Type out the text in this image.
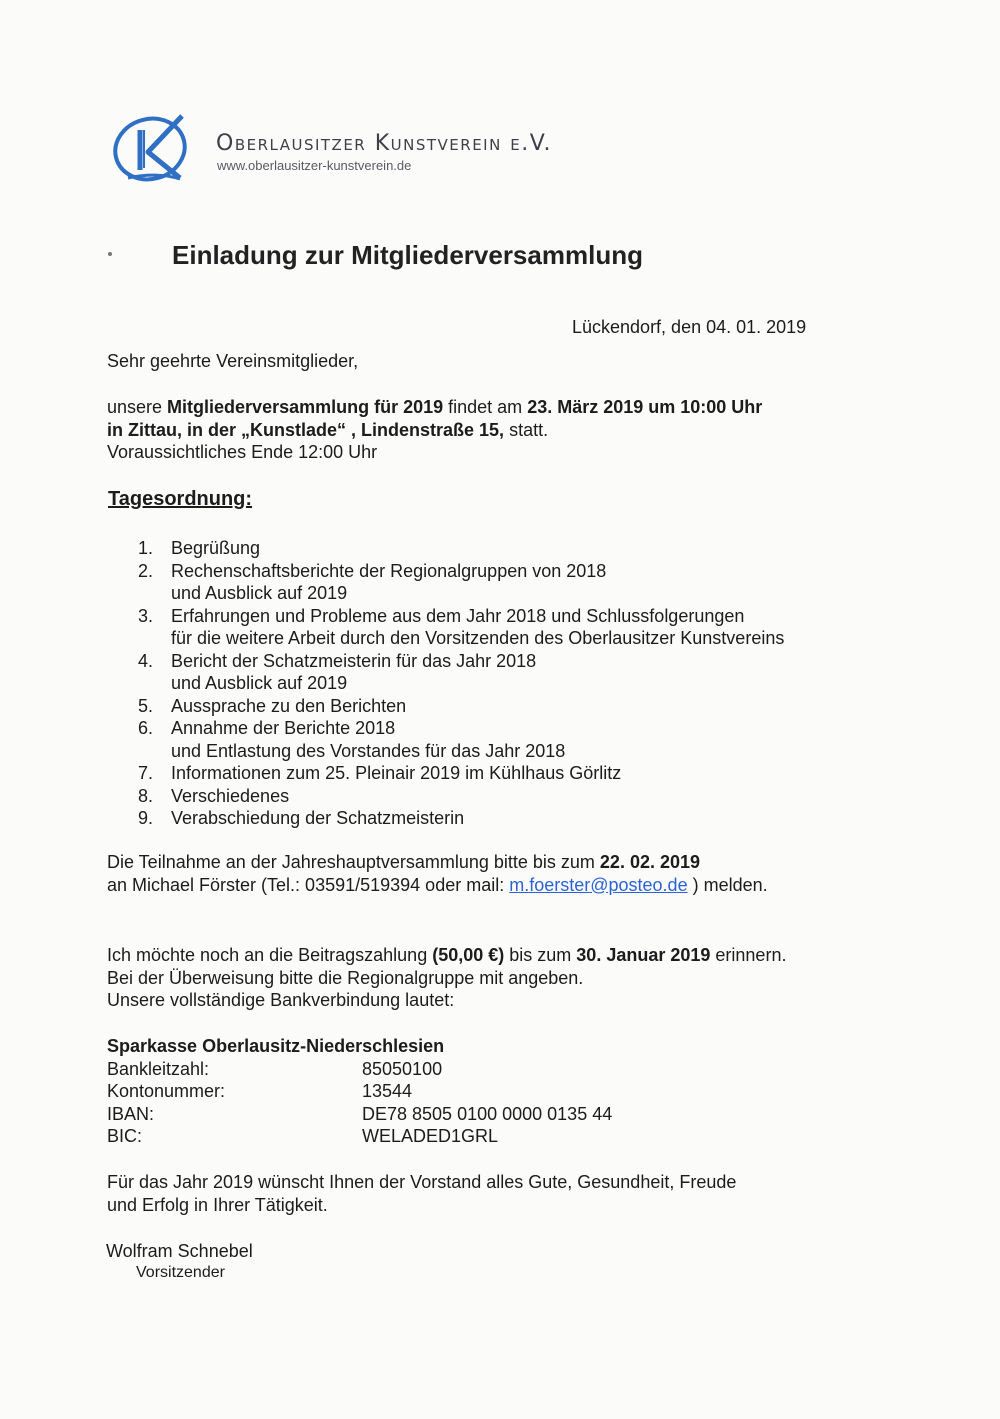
Oberlausitzer Kunstverein e.V.
www.oberlausitzer-kunstverein.de
Einladung zur Mitgliederversammlung
Lückendorf, den 04. 01. 2019
Sehr geehrte Vereinsmitglieder,
unsere Mitgliederversammlung für 2019 findet am 23. März 2019 um 10:00 Uhr
in Zittau, in der „Kunstlade“ , Lindenstraße 15, statt.
Voraussichtliches Ende 12:00 Uhr
Tagesordnung:
1. Begrüßung
2. Rechenschaftsberichte der Regionalgruppen von 2018
und Ausblick auf 2019
3. Erfahrungen und Probleme aus dem Jahr 2018 und Schlussfolgerungen
für die weitere Arbeit durch den Vorsitzenden des Oberlausitzer Kunstvereins
4. Bericht der Schatzmeisterin für das Jahr 2018
und Ausblick auf 2019
5. Aussprache zu den Berichten
6. Annahme der Berichte 2018
und Entlastung des Vorstandes für das Jahr 2018
7. Informationen zum 25. Pleinair 2019 im Kühlhaus Görlitz
8. Verschiedenes
9. Verabschiedung der Schatzmeisterin
Die Teilnahme an der Jahreshauptversammlung bitte bis zum 22. 02. 2019
an Michael Förster (Tel.: 03591/519394 oder mail: m.foerster@posteo.de ) melden.
Ich möchte noch an die Beitragszahlung (50,00 €) bis zum 30. Januar 2019 erinnern.
Bei der Überweisung bitte die Regionalgruppe mit angeben.
Unsere vollständige Bankverbindung lautet:
Sparkasse Oberlausitz-Niederschlesien
Bankleitzahl:	85050100
Kontonummer:	13544
IBAN:	DE78 8505 0100 0000 0135 44
BIC:	WELADED1GRL
Für das Jahr 2019 wünscht Ihnen der Vorstand alles Gute, Gesundheit, Freude
und Erfolg in Ihrer Tätigkeit.
Wolfram Schnebel
Vorsitzender
